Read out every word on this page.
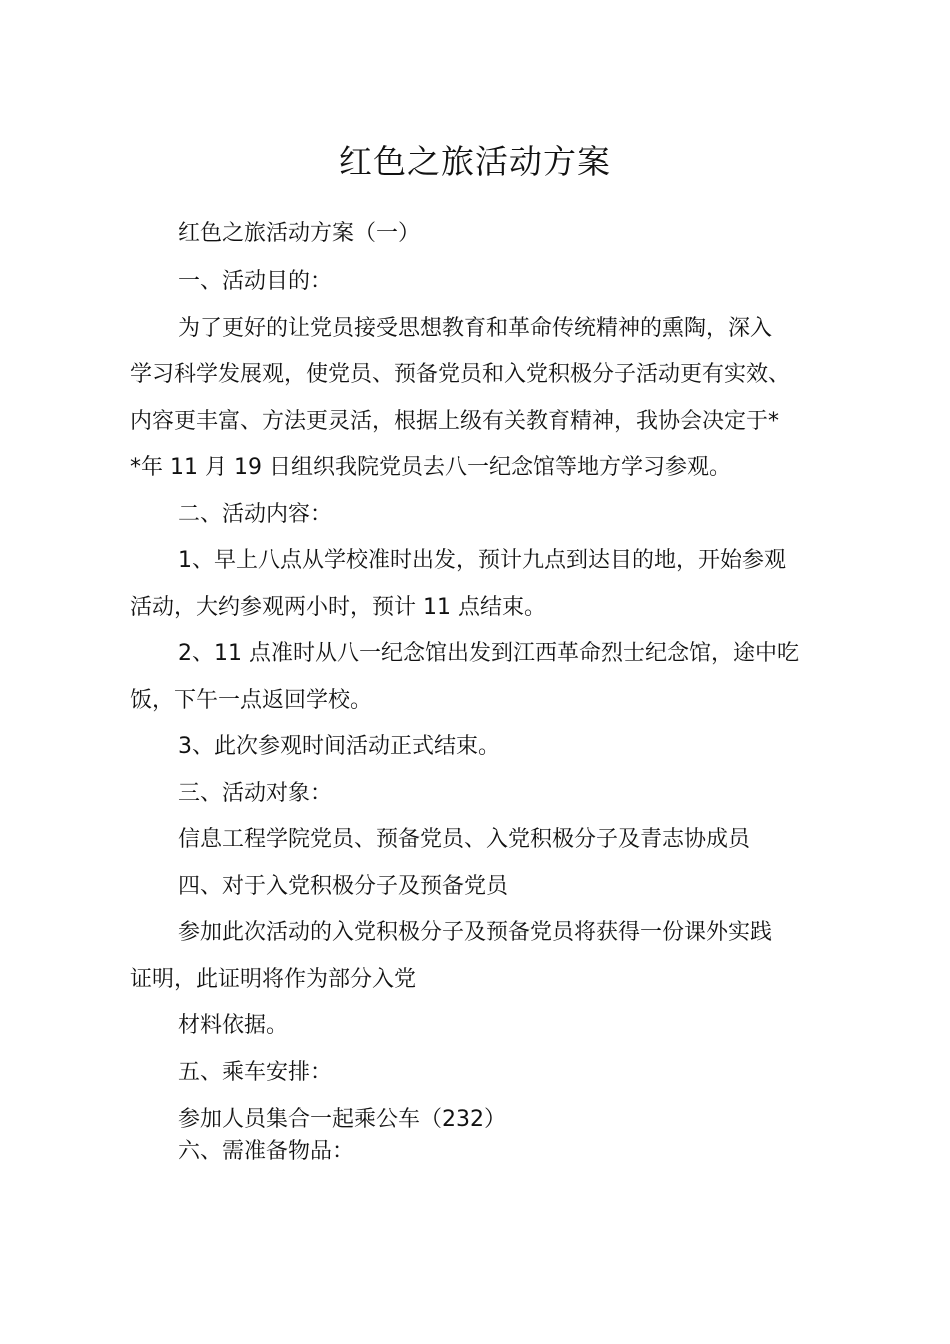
红色之旅活动方案

红色之旅活动方案（一）

一、活动目的：

为了更好的让党员接受思想教育和革命传统精神的熏陶，深入

学习科学发展观，使党员、预备党员和入党积极分子活动更有实效、

内容更丰富、方法更灵活，根据上级有关教育精神，我协会决定于*

*年 11 月 19 日组织我院党员去八一纪念馆等地方学习参观。

二、活动内容：

1、早上八点从学校准时出发，预计九点到达目的地，开始参观

活动，大约参观两小时，预计 11 点结束。

2、11 点准时从八一纪念馆出发到江西革命烈士纪念馆，途中吃

饭，下午一点返回学校。

3、此次参观时间活动正式结束。

三、活动对象：

信息工程学院党员、预备党员、入党积极分子及青志协成员

四、对于入党积极分子及预备党员

参加此次活动的入党积极分子及预备党员将获得一份课外实践

证明，此证明将作为部分入党

材料依据。

五、乘车安排：

参加人员集合一起乘公车（232）

六、需准备物品：
